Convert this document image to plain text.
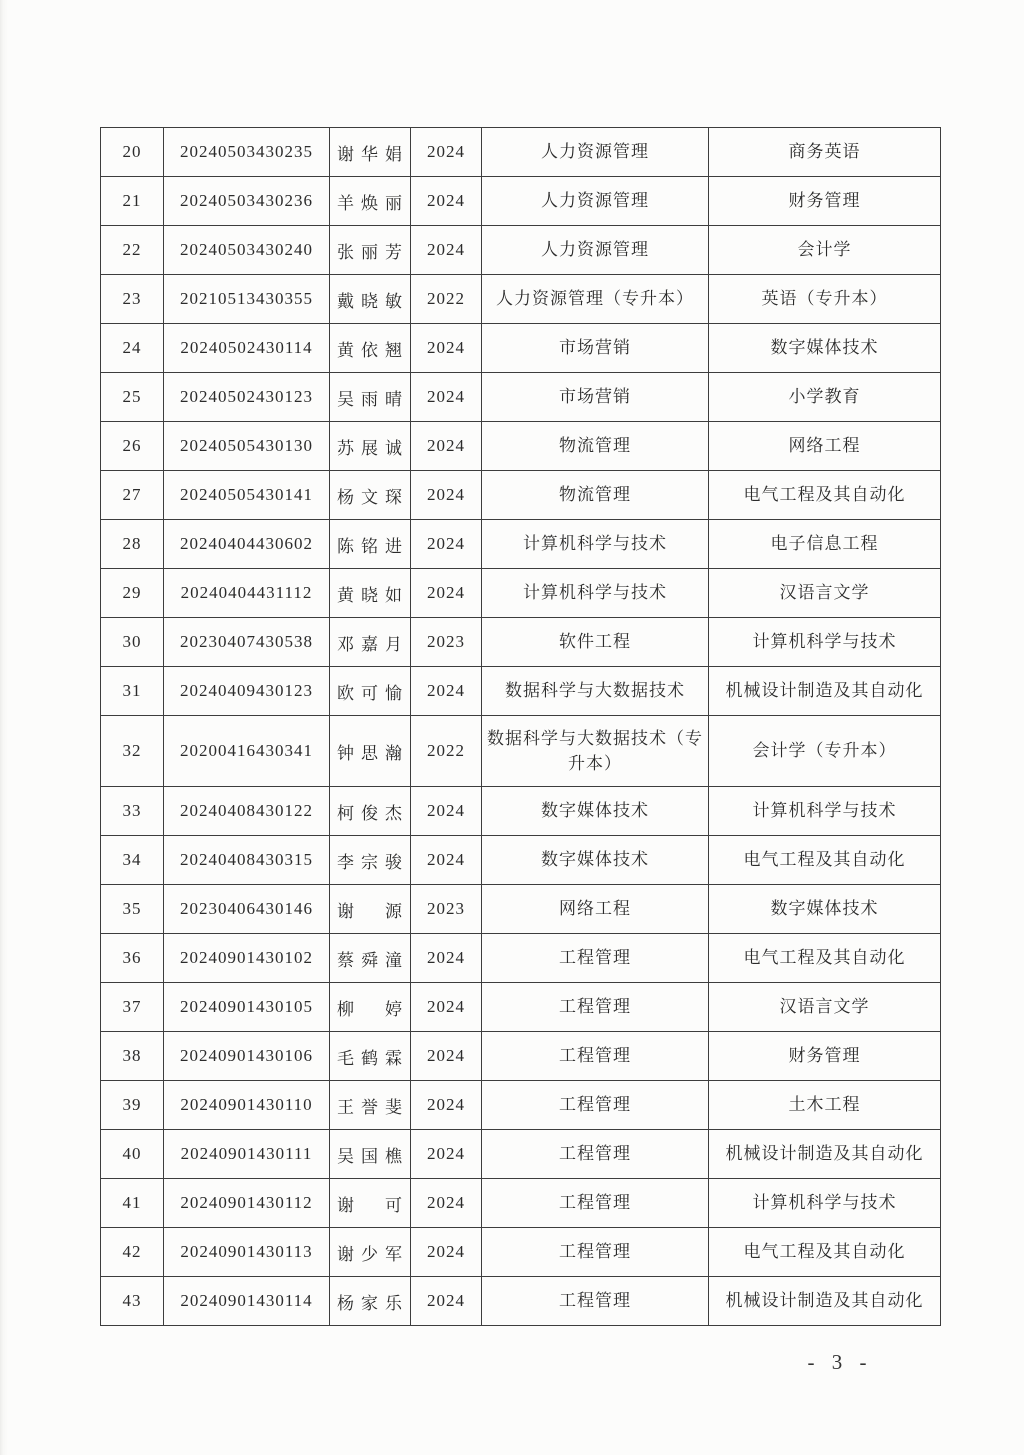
20	20240503430235	谢华娟	2024	人力资源管理	商务英语
21	20240503430236	羊焕丽	2024	人力资源管理	财务管理
22	20240503430240	张丽芳	2024	人力资源管理	会计学
23	20210513430355	戴晓敏	2022	人力资源管理（专升本）	英语（专升本）
24	20240502430114	黄依翘	2024	市场营销	数字媒体技术
25	20240502430123	吴雨晴	2024	市场营销	小学教育
26	20240505430130	苏展诚	2024	物流管理	网络工程
27	20240505430141	杨文琛	2024	物流管理	电气工程及其自动化
28	20240404430602	陈铭进	2024	计算机科学与技术	电子信息工程
29	20240404431112	黄晓如	2024	计算机科学与技术	汉语言文学
30	20230407430538	邓嘉月	2023	软件工程	计算机科学与技术
31	20240409430123	欧可愉	2024	数据科学与大数据技术	机械设计制造及其自动化
32	20200416430341	钟思瀚	2022	数据科学与大数据技术（专升本）	会计学（专升本）
33	20240408430122	柯俊杰	2024	数字媒体技术	计算机科学与技术
34	20240408430315	李宗骏	2024	数字媒体技术	电气工程及其自动化
35	20230406430146	谢源	2023	网络工程	数字媒体技术
36	20240901430102	蔡舜潼	2024	工程管理	电气工程及其自动化
37	20240901430105	柳婷	2024	工程管理	汉语言文学
38	20240901430106	毛鹤霖	2024	工程管理	财务管理
39	20240901430110	王誉斐	2024	工程管理	土木工程
40	20240901430111	吴国樵	2024	工程管理	机械设计制造及其自动化
41	20240901430112	谢可	2024	工程管理	计算机科学与技术
42	20240901430113	谢少军	2024	工程管理	电气工程及其自动化
43	20240901430114	杨家乐	2024	工程管理	机械设计制造及其自动化
- 3 -
